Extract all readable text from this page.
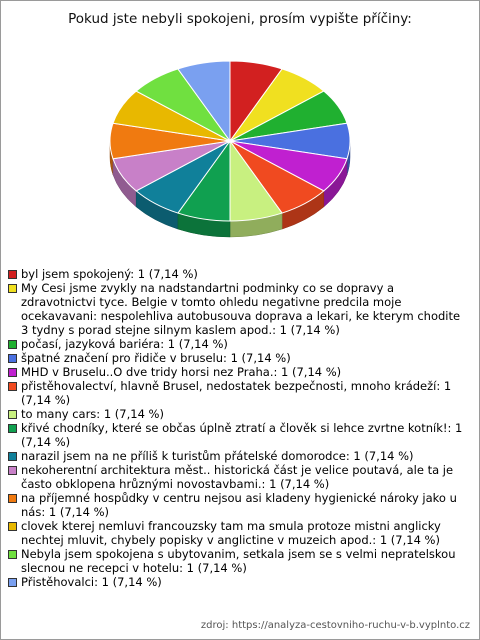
Pokud jste nebyli spokojeni, prosím vypište příčiny:
byl jsem spokojený: 1 (7,14 %)
My Cesi jsme zvykly na nadstandartni podminky co se dopravy a zdravotnictvi tyce. Belgie v tomto ohledu negativne predcila moje ocekavavani: nespolehliva autobusouva doprava a lekari, ke kterym chodite 3 tydny s porad stejne silnym kaslem apod.: 1 (7,14 %)
počasí, jazyková bariéra: 1 (7,14 %)
špatné značení pro řidiče v bruselu: 1 (7,14 %)
MHD v Bruselu..O dve tridy horsi nez Praha.: 1 (7,14 %)
přistěhovalectví, hlavně Brusel, nedostatek bezpečnosti, mnoho krádeží: 1 (7,14 %)
to many cars: 1 (7,14 %)
křivé chodníky, které se občas úplně ztratí a člověk si lehce zvrtne kotník!: 1 (7,14 %)
narazil jsem na ne příliš k turistům přátelské domorodce: 1 (7,14 %)
nekoherentní architektura měst.. historická část je velice poutavá, ale ta je často obklopena hrůznými novostavbami.: 1 (7,14 %)
na příjemné hospůdky v centru nejsou asi kladeny hygienické nároky jako u nás: 1 (7,14 %)
clovek kterej nemluvi francouzsky tam ma smula protoze mistni anglicky nechtej mluvit, chybely popisky v anglictine v muzeich apod.: 1 (7,14 %)
Nebyla jsem spokojena s ubytovanim, setkala jsem se s velmi nepratelskou slecnou ne recepci v hotelu: 1 (7,14 %)
Přistěhovalci: 1 (7,14 %)
zdroj: https://analyza-cestovniho-ruchu-v-b.vyplnto.cz
